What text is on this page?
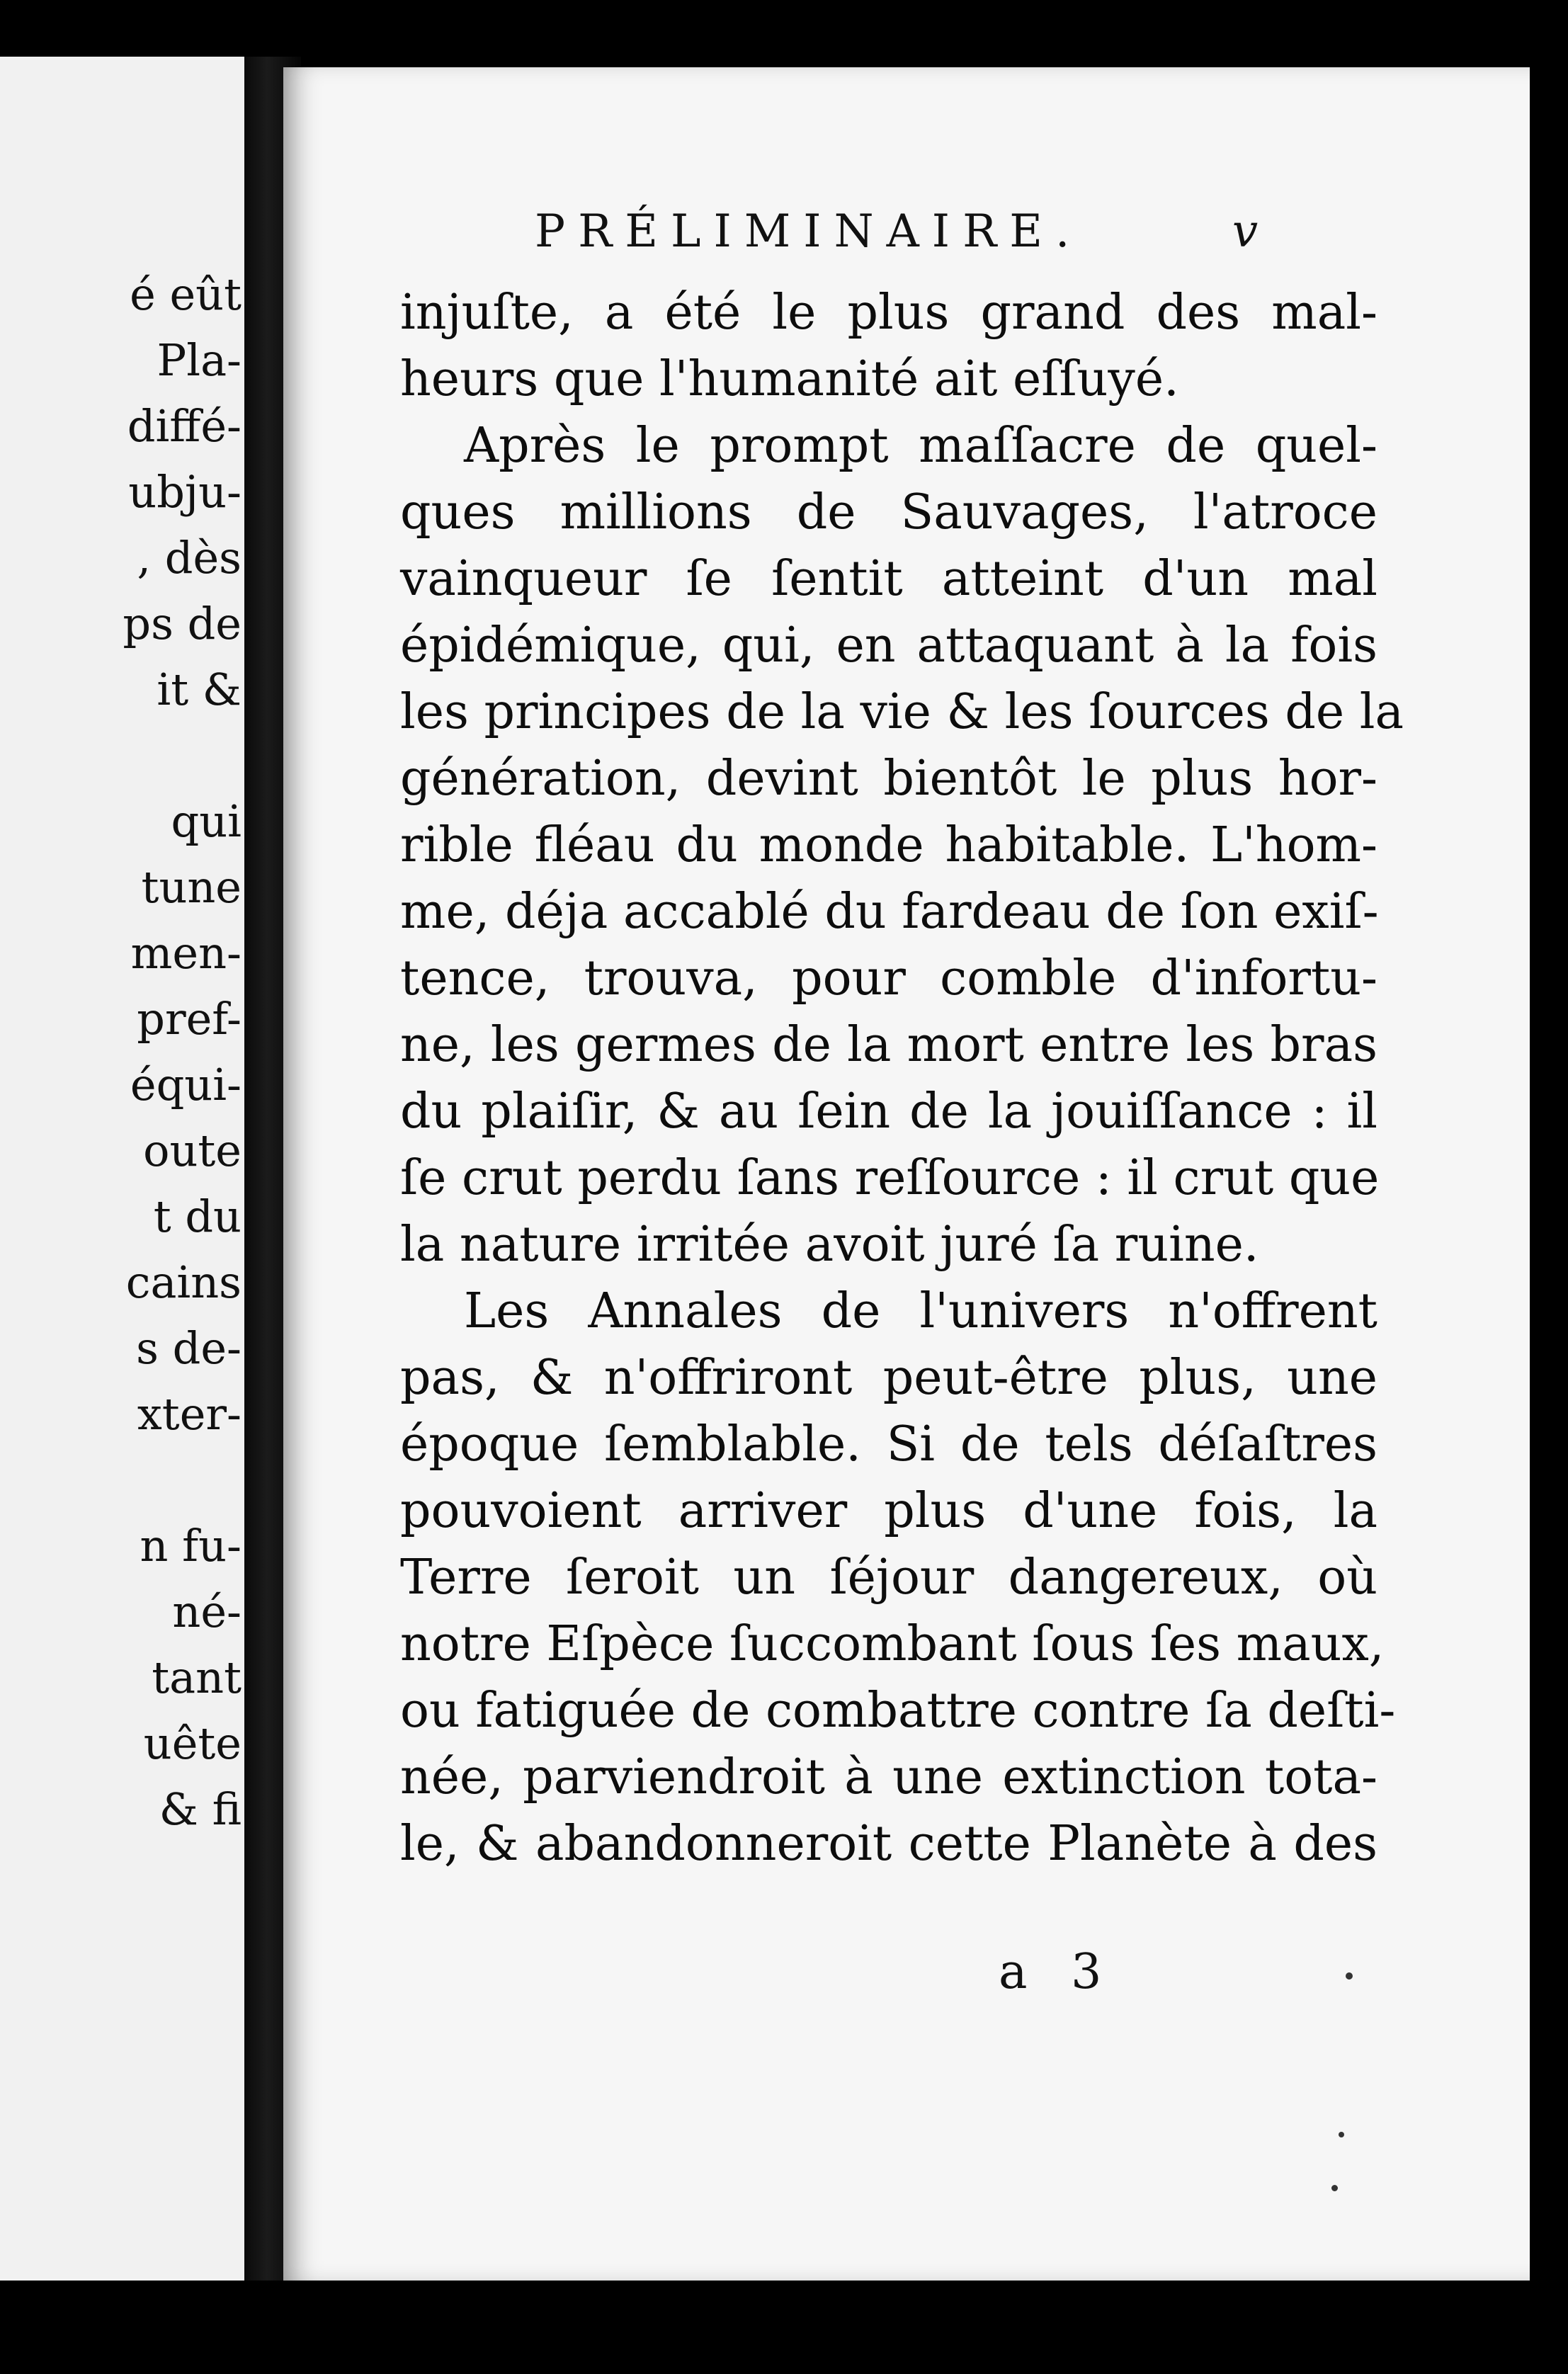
é eût
Pla-
diffé-
ubju-
, dès
ps de
it &
qui
tune
men-
pref-
équi-
oute
t du
cains
s de-
xter-
n fu-
né-
tant
uête
& fi
PRÉLIMINAIRE.	v
injuſte, a été le plus grand des mal-
heurs que l'humanité ait eſſuyé.
Après le prompt maſſacre de quel-
ques millions de Sauvages, l'atroce
vainqueur ſe ſentit atteint d'un mal
épidémique, qui, en attaquant à la fois
les principes de la vie & les ſources de la
génération, devint bientôt le plus hor-
rible fléau du monde habitable. L'hom-
me, déja accablé du fardeau de ſon exiſ-
tence, trouva, pour comble d'infortu-
ne, les germes de la mort entre les bras
du plaiſir, & au ſein de la jouiſſance : il
ſe crut perdu ſans reſſource : il crut que
la nature irritée avoit juré ſa ruine.
Les Annales de l'univers n'offrent
pas, & n'offriront peut-être plus, une
époque ſemblable. Si de tels déſaſtres
pouvoient arriver plus d'une fois, la
Terre ſeroit un ſéjour dangereux, où
notre Eſpèce ſuccombant ſous ſes maux,
ou fatiguée de combattre contre ſa deſti-
née, parviendroit à une extinction tota-
le, & abandonneroit cette Planète à des
a 3
